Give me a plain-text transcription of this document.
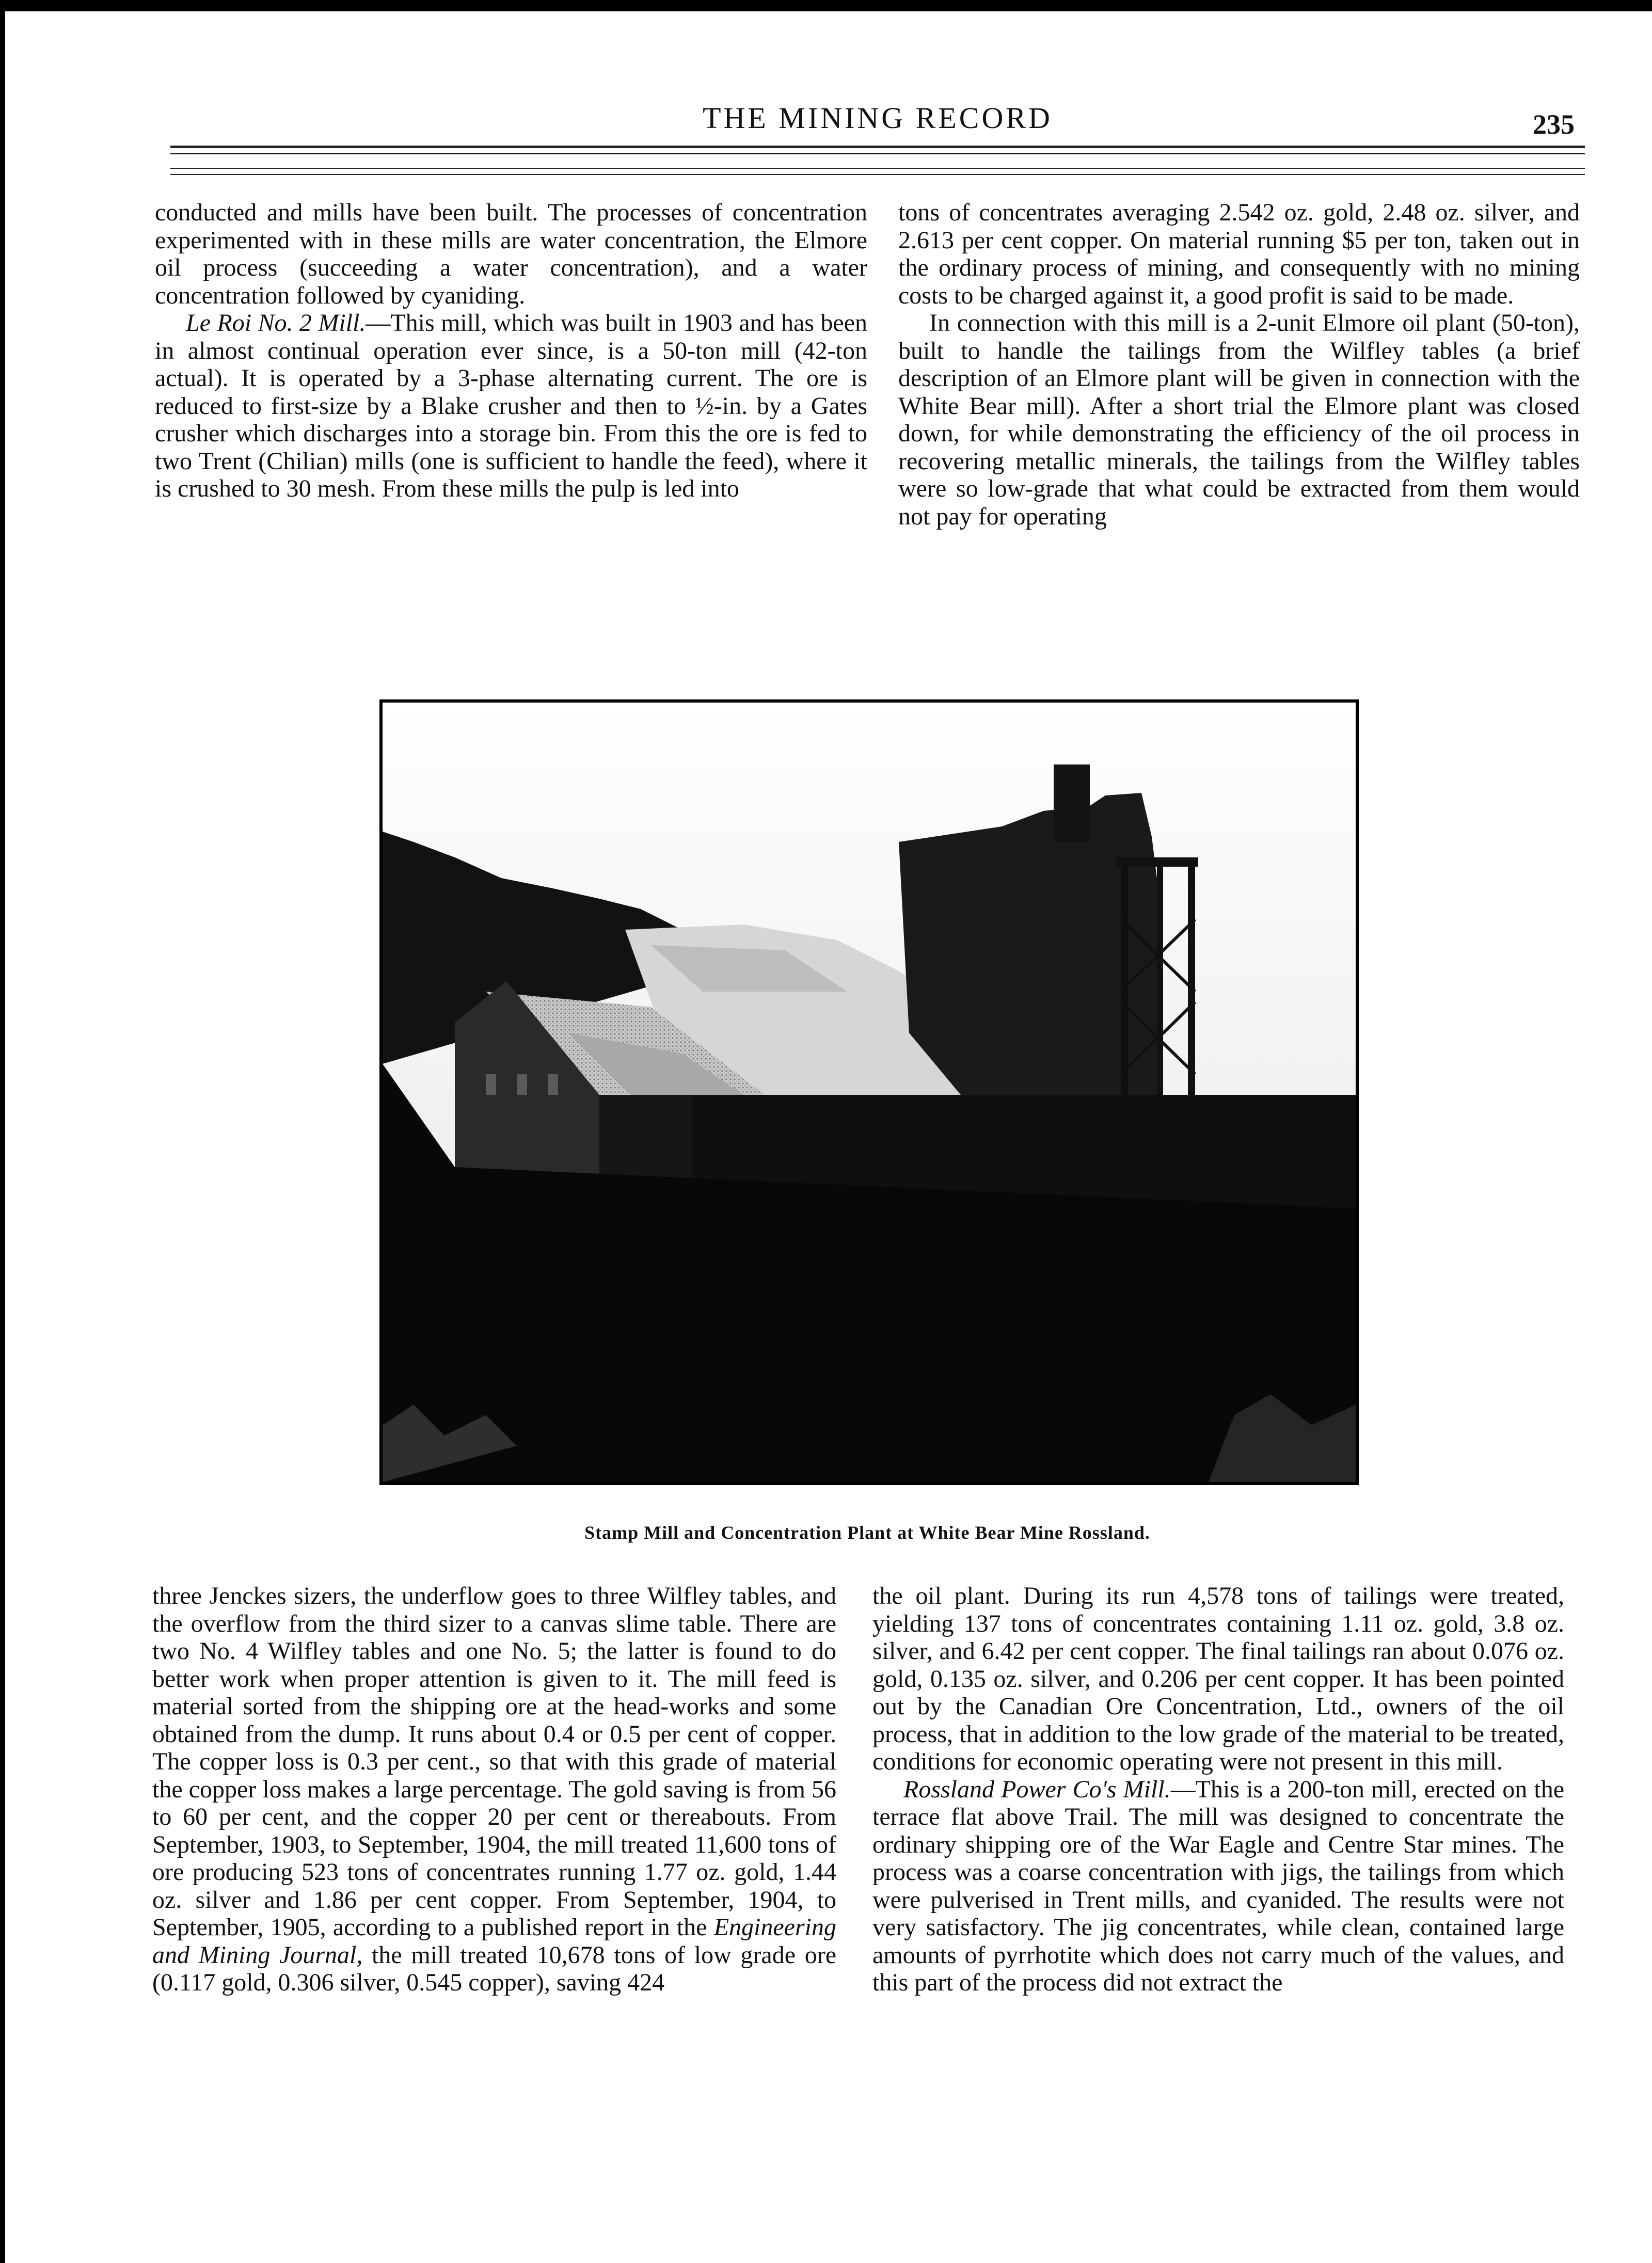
THE MINING RECORD	235

conducted and mills have been built. The processes of concentration experimented with in these mills are water concentration, the Elmore oil process (succeeding a water concentration), and a water concentration followed by cyaniding.

Le Roi No. 2 Mill.—This mill, which was built in 1903 and has been in almost continual operation ever since, is a 50-ton mill (42-ton actual). It is operated by a 3-phase alternating current. The ore is reduced to first-size by a Blake crusher and then to ½-in. by a Gates crusher which discharges into a storage bin. From this the ore is fed to two Trent (Chilian) mills (one is sufficient to handle the feed), where it is crushed to 30 mesh. From these mills the pulp is led into

tons of concentrates averaging 2.542 oz. gold, 2.48 oz. silver, and 2.613 per cent copper. On material running $5 per ton, taken out in the ordinary process of mining, and consequently with no mining costs to be charged against it, a good profit is said to be made.

In connection with this mill is a 2-unit Elmore oil plant (50-ton), built to handle the tailings from the Wilfley tables (a brief description of an Elmore plant will be given in connection with the White Bear mill). After a short trial the Elmore plant was closed down, for while demonstrating the efficiency of the oil process in recovering metallic minerals, the tailings from the Wilfley tables were so low-grade that what could be extracted from them would not pay for operating

Stamp Mill and Concentration Plant at White Bear Mine Rossland.

three Jenckes sizers, the underflow goes to three Wilfley tables, and the overflow from the third sizer to a canvas slime table. There are two No. 4 Wilfley tables and one No. 5; the latter is found to do better work when proper attention is given to it. The mill feed is material sorted from the shipping ore at the head-works and some obtained from the dump. It runs about 0.4 or 0.5 per cent of copper. The copper loss is 0.3 per cent., so that with this grade of material the copper loss makes a large percentage. The gold saving is from 56 to 60 per cent, and the copper 20 per cent or thereabouts. From September, 1903, to September, 1904, the mill treated 11,600 tons of ore producing 523 tons of concentrates running 1.77 oz. gold, 1.44 oz. silver and 1.86 per cent copper. From September, 1904, to September, 1905, according to a published report in the Engineering and Mining Journal, the mill treated 10,678 tons of low grade ore (0.117 gold, 0.306 silver, 0.545 copper), saving 424

the oil plant. During its run 4,578 tons of tailings were treated, yielding 137 tons of concentrates containing 1.11 oz. gold, 3.8 oz. silver, and 6.42 per cent copper. The final tailings ran about 0.076 oz. gold, 0.135 oz. silver, and 0.206 per cent copper. It has been pointed out by the Canadian Ore Concentration, Ltd., owners of the oil process, that in addition to the low grade of the material to be treated, conditions for economic operating were not present in this mill.

Rossland Power Co's Mill.—This is a 200-ton mill, erected on the terrace flat above Trail. The mill was designed to concentrate the ordinary shipping ore of the War Eagle and Centre Star mines. The process was a coarse concentration with jigs, the tailings from which were pulverised in Trent mills, and cyanided. The results were not very satisfactory. The jig concentrates, while clean, contained large amounts of pyrrhotite which does not carry much of the values, and this part of the process did not extract the
